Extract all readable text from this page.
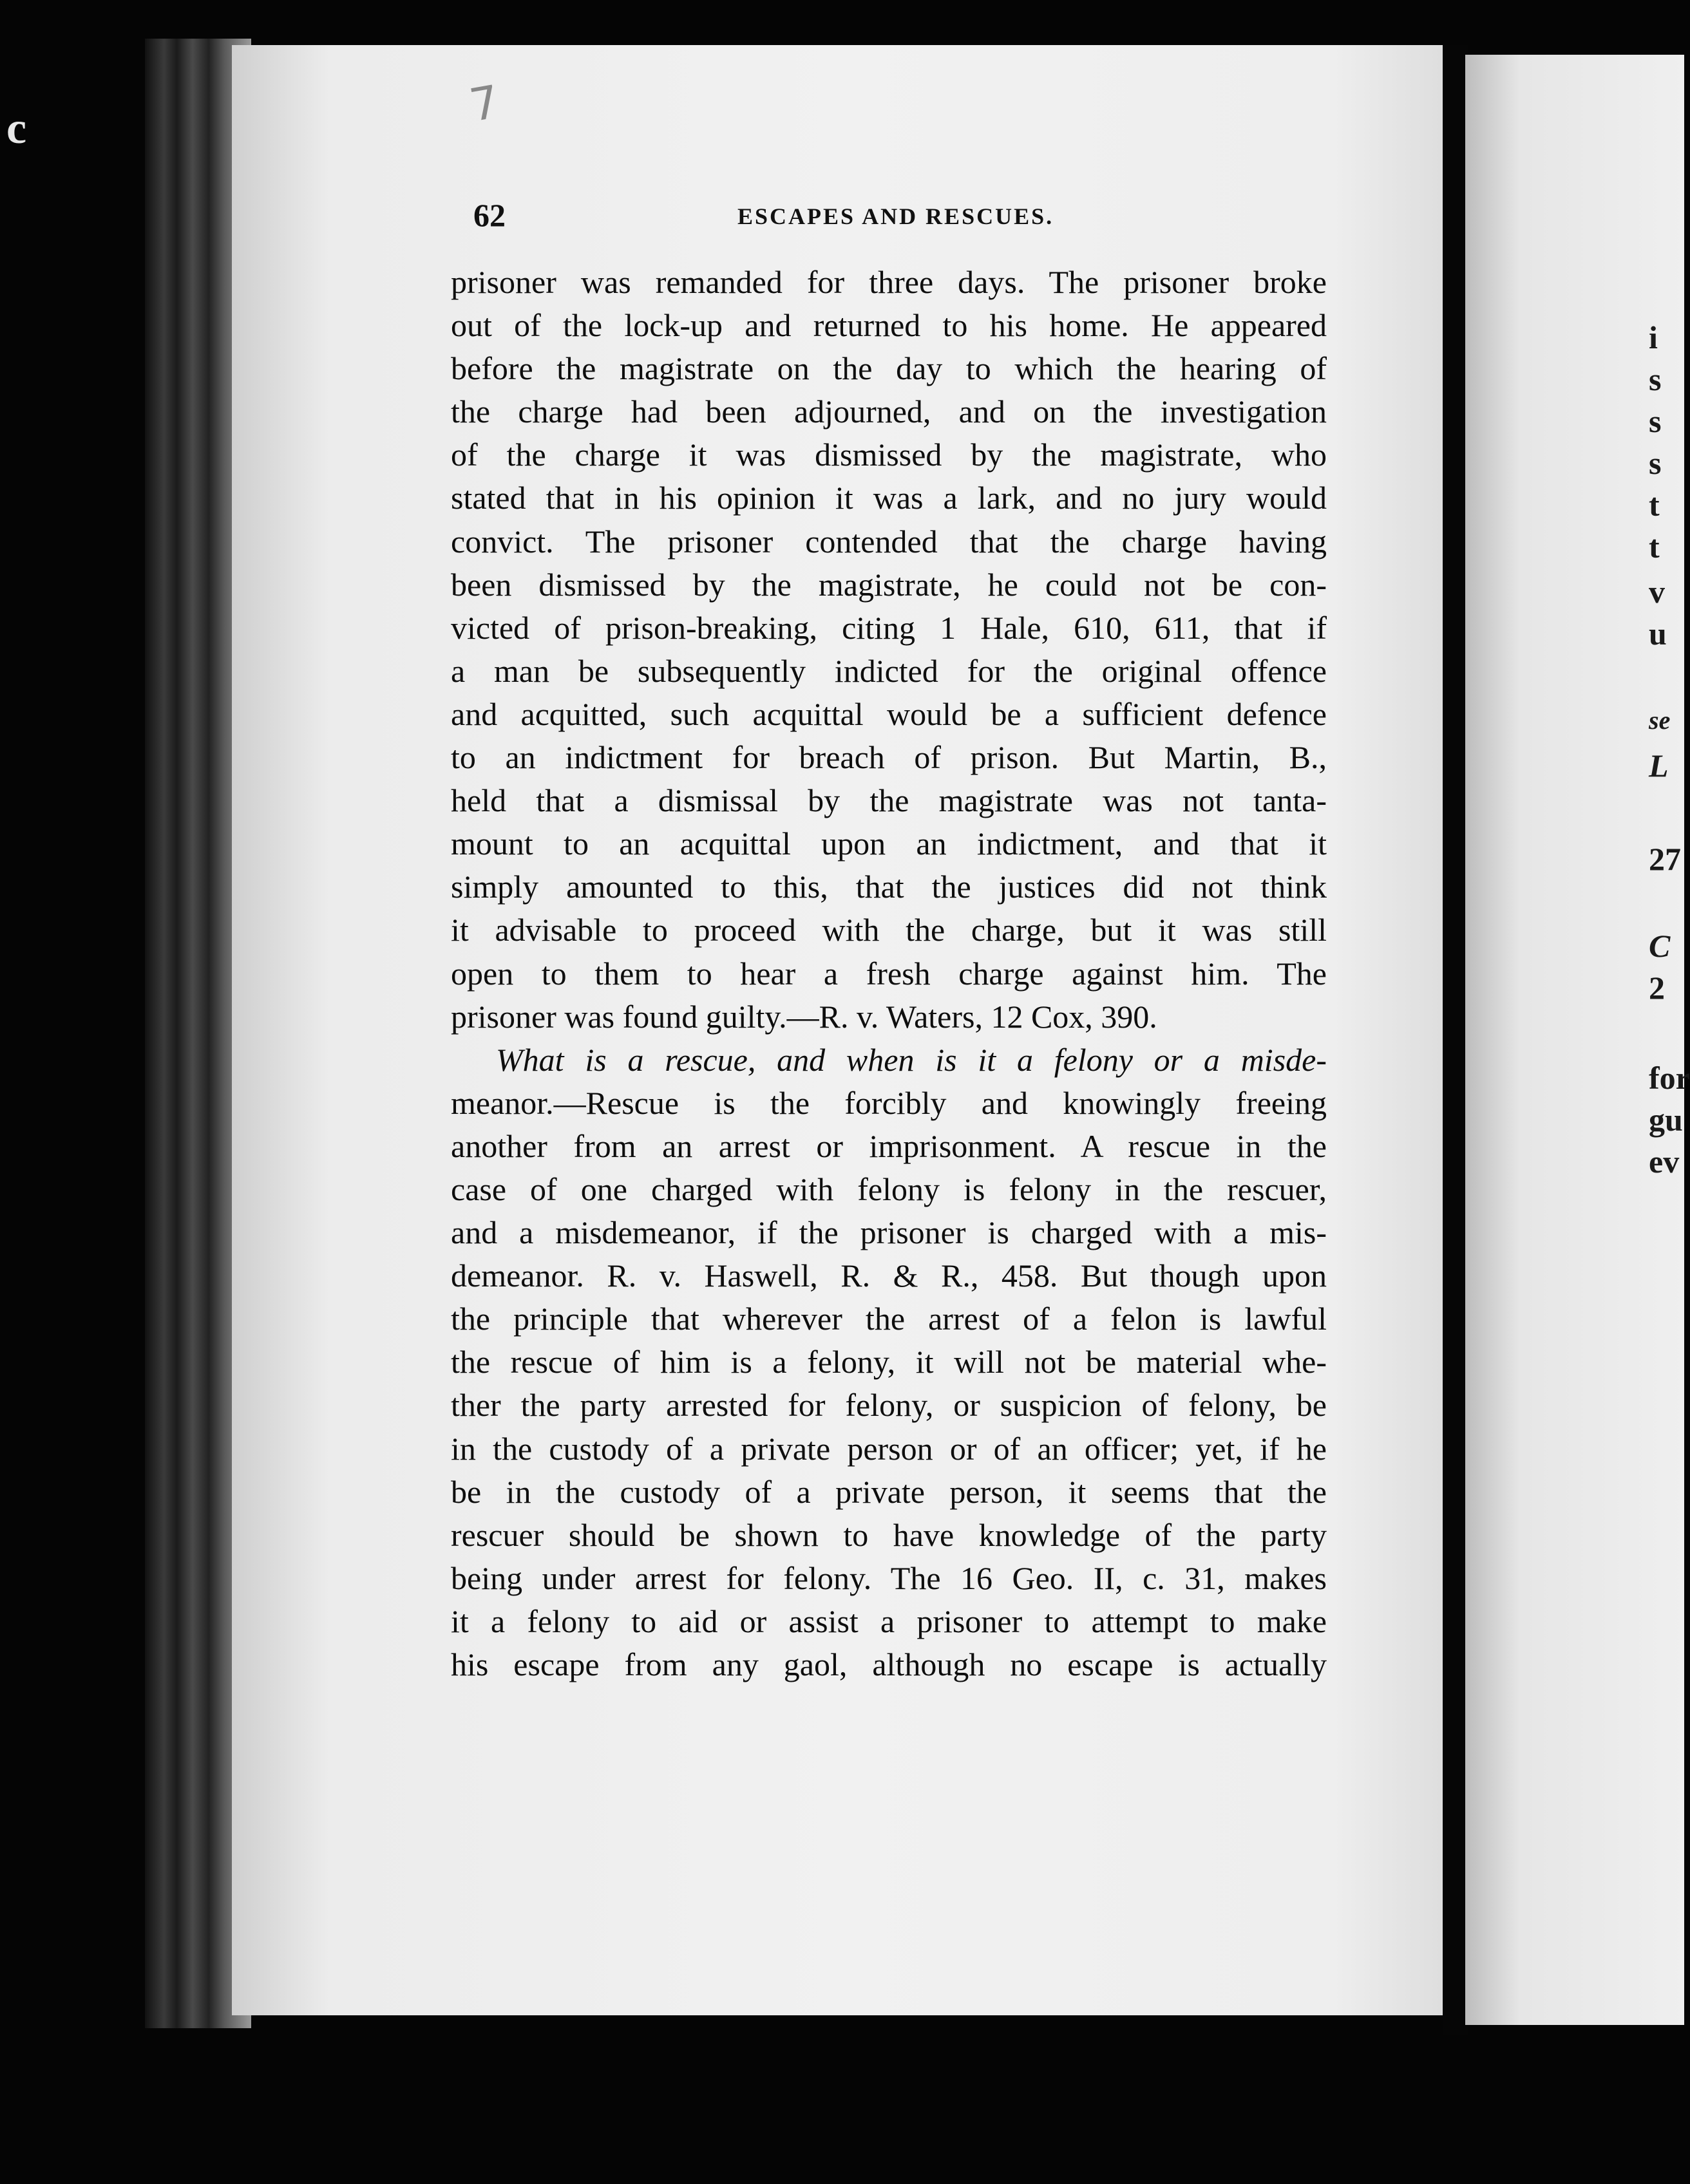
c	7
62	ESCAPES AND RESCUES.
prisoner was remanded for three days. The prisoner broke
out of the lock-up and returned to his home. He appeared
before the magistrate on the day to which the hearing of
the charge had been adjourned, and on the investigation
of the charge it was dismissed by the magistrate, who
stated that in his opinion it was a lark, and no jury would
convict. The prisoner contended that the charge having
been dismissed by the magistrate, he could not be con-
victed of prison-breaking, citing 1 Hale, 610, 611, that if
a man be subsequently indicted for the original offence
and acquitted, such acquittal would be a sufficient defence
to an indictment for breach of prison. But Martin, B.,
held that a dismissal by the magistrate was not tanta-
mount to an acquittal upon an indictment, and that it
simply amounted to this, that the justices did not think
it advisable to proceed with the charge, but it was still
open to them to hear a fresh charge against him. The
prisoner was found guilty.—R. v. Waters, 12 Cox, 390.
What is a rescue, and when is it a felony or a misde-
meanor.—Rescue is the forcibly and knowingly freeing
another from an arrest or imprisonment. A rescue in the
case of one charged with felony is felony in the rescuer,
and a misdemeanor, if the prisoner is charged with a mis-
demeanor. R. v. Haswell, R. & R., 458. But though upon
the principle that wherever the arrest of a felon is lawful
the rescue of him is a felony, it will not be material whe-
ther the party arrested for felony, or suspicion of felony, be
in the custody of a private person or of an officer; yet, if he
be in the custody of a private person, it seems that the
rescuer should be shown to have knowledge of the party
being under arrest for felony. The 16 Geo. II, c. 31, makes
it a felony to aid or assist a prisoner to attempt to make
his escape from any gaol, although no escape is actually
i
s
s
s
t
t
v
u
se
L
27
C
2
for
gu
ev
